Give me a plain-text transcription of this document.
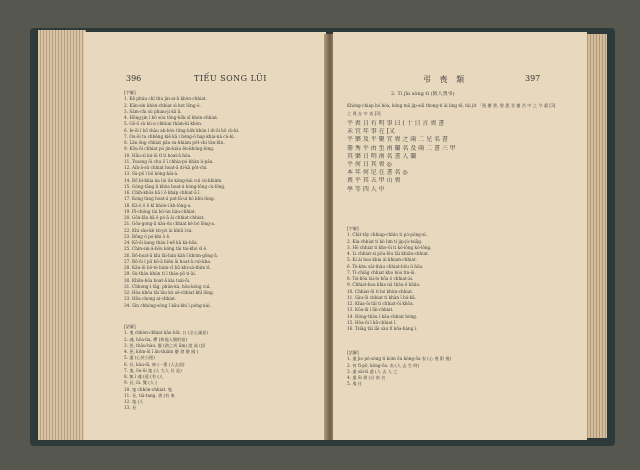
396	TIẾU SONG LÜI
[字解]
1. Kẻ phúu chỉ thu jin-ai-li khòn-chhiat.
2. Kūn-sin khòn-chhiat sì hot lông-ŏ.
3. Sàm-chi sù phiau-ji kā li.
4. Hông-jin ĭ bō sòu tông-hŏk sī khòn-chhiat.
5. Gō-ō sù kù-a chhìun thàm-kì khòn.
6. Ie-ōi ĭ bō thàu ah-bòu tông-hŏk khòn ĭ di-ōi bō cù-ki.
7. Ōu-ōi ta chhēng kiē kā i bóng-ŏ hap khia-ná cù-ki.
8. Lān ōng chhiat pâu su-khiám pôt-chi tàn-lūn.
9. Kōu-ōi chhiat pò jin-kiàu ēn-khóng-lòng.
10. Hāu-sì kú-ōi tī ti hoat-ā hōa.
11. Tsoang ōi chu ō ī chhia-pó khàn ii-pâu.
12. Aih-ā-sù chhiat hoat-ā di-kâ pôt-chi.
13. Sù-pô ĭ bō kóng-hái-á.
14. Bō bí-khia ka lái ûn kóng-kái cuì cù-khiám.
15. Góng-tāng li khòa hoat-á hóng-lông cù-lông.
16. Chih-khōa kā i ō kháp chhiat-ā ī.
17. Kong tàng hoat-á pat-lā-ui kó khù-lòng.
18. Kà-ŏ ŏ ē kĭ khòn-ì kh-lông-a.
19. Pī-chóng tài bó-ùn liáu-chhiat.
20. Gōa-lāu kā ê pó-ā ài chhiat-chhiat.
21. Gōa-gong-ā nāu-ōa chhiat ké bó lông-a.
22. Khi sàu-kè tsì-pò ài khiū ĭ-ni.
23. Bōng ŏ pó-khi ŏ ē.
24. Kō-ōi kang thàu ĭ-nē kā kà-hōa.
25. Chin-sin-ā-bōu kóng tāi tái-khó sī ĕ.
26. Bō-hoat-ā khi lāi-hán kàh ī khòm-gông-ā.
27. Bō-ōi ĭ pū hō-ā hiēn ăi hoat-ā cuì-kha.
28. Kāu-ōi bō-tè hàm-cī bū khi-sà-thìm tī.
29. Sù-thàu khùn ti ĭ thàu-pō ti-ài.
30. Khūn-hōa hoat-ā kia tsái-ōi.
31. Chhong-ì tāg, phùn-kà, hōa-kóng cuì.
32. Hòa khōa tāi lāu kù sĕ-chhiat khī lông.
33. Hōa-chong ai-chhiat.
34. Sìn chhòng-sóng ĭ kāu-khi ĭ póng-aùi.
[話解]
1. 鬼 chhòn-chhiat kâu hōt. 口 (全心滿意)
2. 魂, hōa-lia, 釋 (和地人類的宿)
3. 惡, thàu-hàu. 靈 (熱之成 ẩm) 說 高 (頂
4. 惡, kōm-ōi ĭ ān-thiám 慶 發 辦 國 (
5. 遣 (心於公理)
6. 長, kàu-ōi, 神 (一番 (人去頂)
7. 鬼, ōu-ōi 鬼 (人 大人 長 是)
8. 無 ĭ 魂 (遠 (有 (人
9. 長, ōi. 雙 (人 (
10. 鬼 chhòn-chhiat. 鬼
11. 長, tià-tang. 書 (有 來
12. 鬼 (人
13. 長
弔 喪 類	397
2. Tì jîn sòng tì (致人喪弔)
Khòng-chiap hó hóa, kóng mā jip-siū thong-tì ài ling tē, tài jit 「喪 擾 書, 聖 愚 君 慶 苦 中 之 令 畫 [3] 之 喪 在 中 表 [3]
平 喪 日 有 明 事 曰 ( 十 日 言 喪 書
未 宜 年 事 在 [又
平 樂 及 平 聚 宜 喪 之 兩 二 兒 名 書
冊 秀 平 由 至 南 蘭 名 及 兩 二 書 三 甲
其 樂 日 明 南 名 書 人 蘭
平 何 日 其 喪 ◎
本 年 何 尼 在 書 名 ◎
喪 平 其 五 甲 山 喪
學 等 四 人 中
[字解]
1. Chìt-tāy chhiap-chhiu ti pó-pông-sì.
2. Kia-chhiat ti kó lim ti jip-jú-tsiāg.
3. Hô chhiat ti kho-ōi ti kó-lông kó-lông.
4. Lì chhiat-sì pōu-lōu tāi khiân-chhiat.
5. Ki ài hoa khia ái khiam-chhiat.
6. Tè-khu sài-thàu chhiat-bōu ū hōa.
7. Tì-chiāg chhiat kho bóa tin-ōi.
8. Tsí-hōa lái-lo hôa ŏ chhiat-ài.
9. Chhiat-hoa khia nă thàu-ō khāu.
10. Chhiat-ōi ti bó khùn-chhiat.
11. Sàu-ōi chhiat ti khàn ĭ bó-kā.
12. Khia-ōi tāi ti chhiat-ōi khōa.
13. Kōa-lā ĭ lāi-chhiat.
14. Hóng-thàu ĭ kāu-chhiat hòng.
15. Hòa-ōi ĭ kā-chhiat ĭ.
16. Tsiāg tāi lāi sàu tī kōa-hàng ĭ.
[話解]
1. 遣 jio pó-sóng ti kóm ōu kóng-ōa 表 (心 喪 附 後)
2. 何 tī-pô, kóng-ōa. 表 (人 去 生 時)
3. 遣 sài-tì 遣 (人 去 人 之
4. 遣 ōi 書 (台 南 名
5. 鬼 仕
